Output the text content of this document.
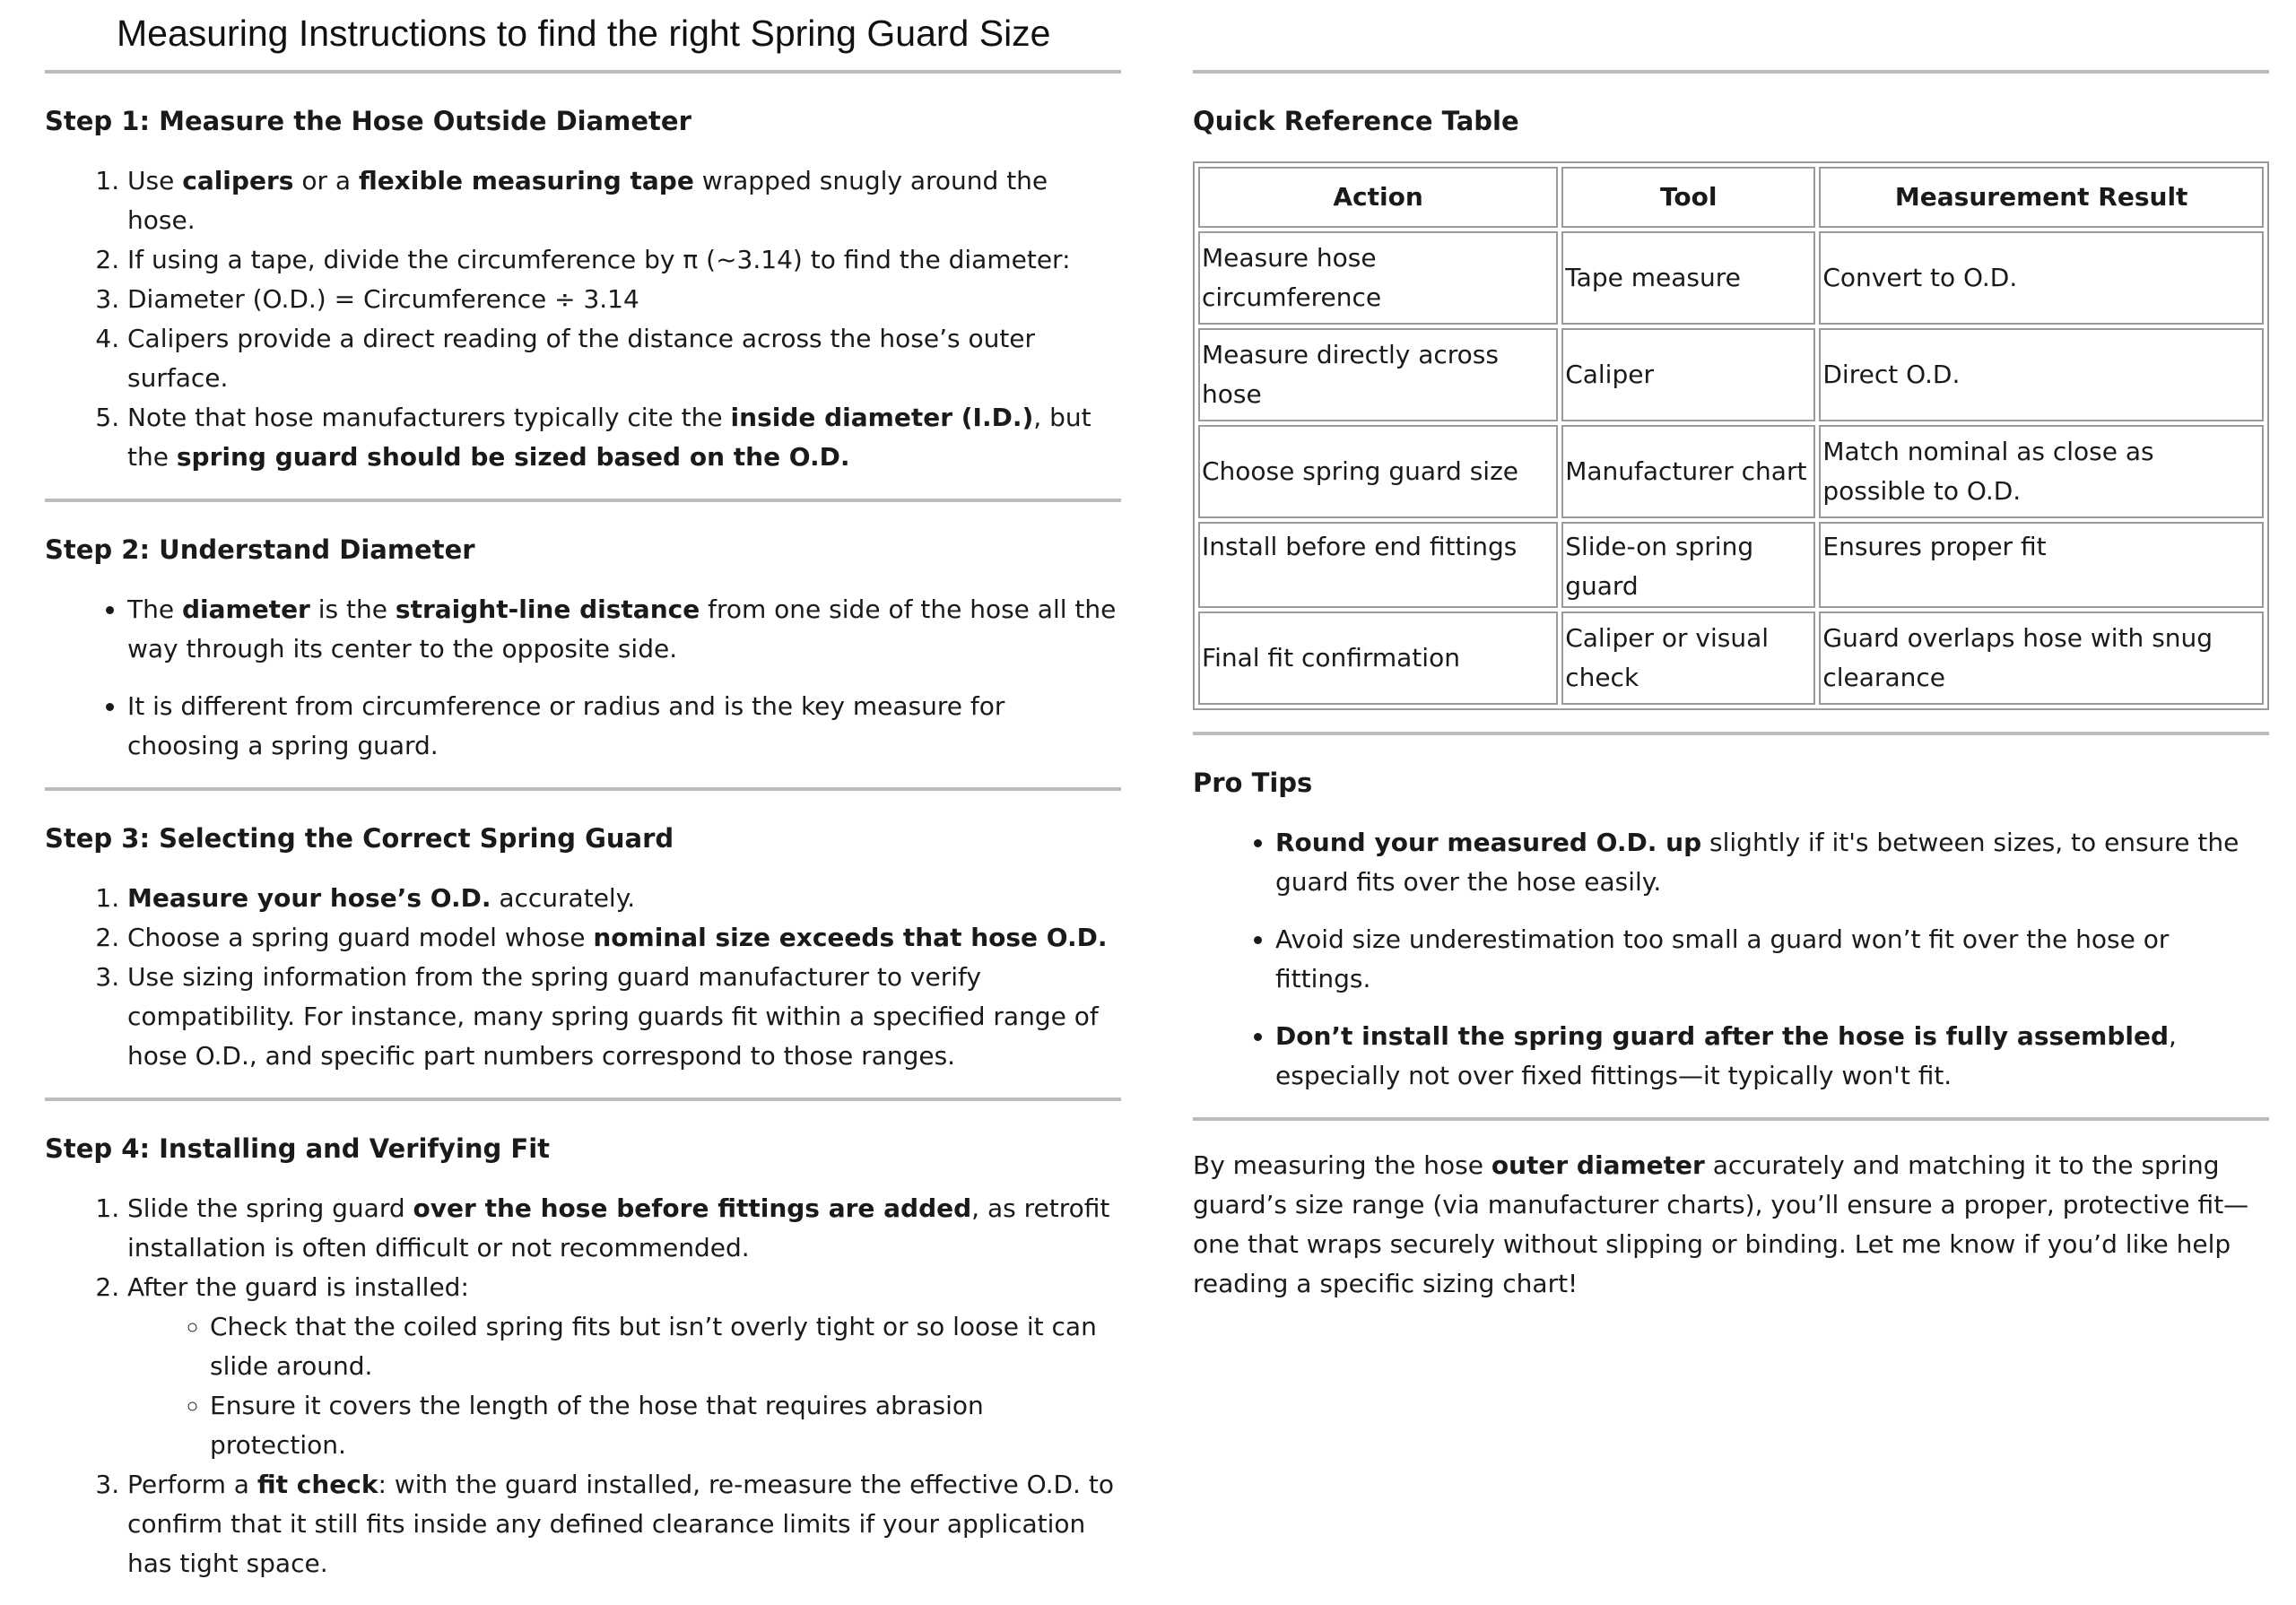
Measuring Instructions to find the right Spring Guard Size
Step 1: Measure the Hose Outside Diameter
1. Use calipers or a flexible measuring tape wrapped snugly around the hose.
2. If using a tape, divide the circumference by π (~3.14) to find the diameter:
3. Diameter (O.D.) = Circumference ÷ 3.14
4. Calipers provide a direct reading of the distance across the hose’s outer surface.
5. Note that hose manufacturers typically cite the inside diameter (I.D.), but the spring guard should be sized based on the O.D.
Step 2: Understand Diameter
• The diameter is the straight-line distance from one side of the hose all the way through its center to the opposite side.
• It is different from circumference or radius and is the key measure for choosing a spring guard.
Step 3: Selecting the Correct Spring Guard
1. Measure your hose’s O.D. accurately.
2. Choose a spring guard model whose nominal size exceeds that hose O.D.
3. Use sizing information from the spring guard manufacturer to verify compatibility. For instance, many spring guards fit within a specified range of hose O.D., and specific part numbers correspond to those ranges.
Step 4: Installing and Verifying Fit
1. Slide the spring guard over the hose before fittings are added, as retrofit installation is often difficult or not recommended.
2. After the guard is installed:
◦ Check that the coiled spring fits but isn’t overly tight or so loose it can slide around.
◦ Ensure it covers the length of the hose that requires abrasion protection.
3. Perform a fit check: with the guard installed, re-measure the effective O.D. to confirm that it still fits inside any defined clearance limits if your application has tight space.
Quick Reference Table
Action	Tool	Measurement Result
Measure hose circumference	Tape measure	Convert to O.D.
Measure directly across hose	Caliper	Direct O.D.
Choose spring guard size	Manufacturer chart	Match nominal as close as possible to O.D.
Install before end fittings	Slide-on spring guard	Ensures proper fit
Final fit confirmation	Caliper or visual check	Guard overlaps hose with snug clearance
Pro Tips
• Round your measured O.D. up slightly if it's between sizes, to ensure the guard fits over the hose easily.
• Avoid size underestimation too small a guard won’t fit over the hose or fittings.
• Don’t install the spring guard after the hose is fully assembled, especially not over fixed fittings—it typically won't fit.

By measuring the hose outer diameter accurately and matching it to the spring guard’s size range (via manufacturer charts), you’ll ensure a proper, protective fit—one that wraps securely without slipping or binding. Let me know if you’d like help reading a specific sizing chart!
